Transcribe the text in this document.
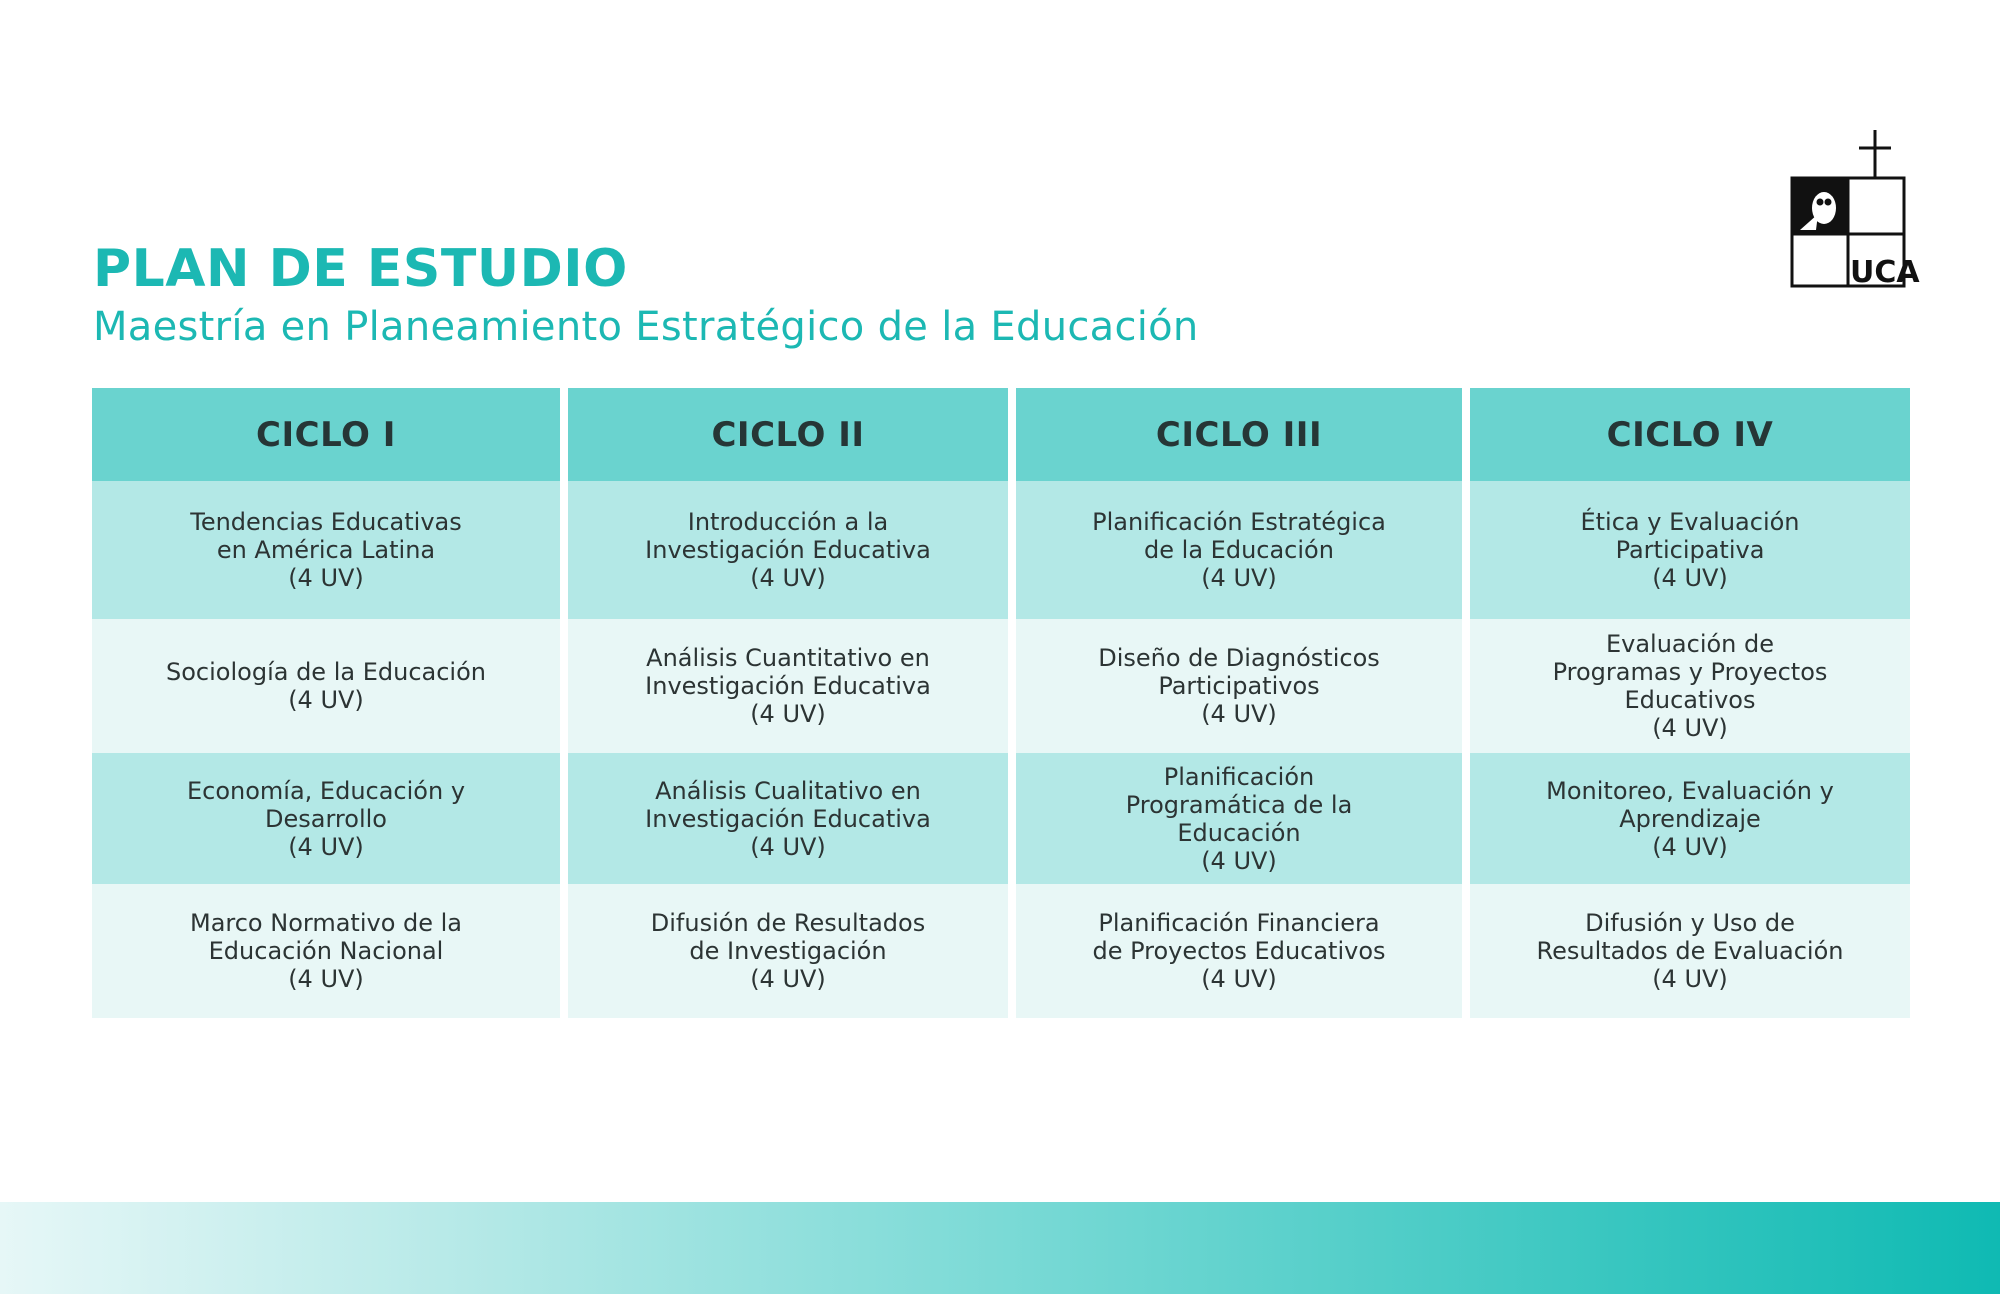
PLAN DE ESTUDIO
Maestría en Planeamiento Estratégico de la Educación
UCA
CICLO I
Tendencias Educativas
en América Latina
(4 UV)
Sociología de la Educación
(4 UV)
Economía, Educación y
Desarrollo
(4 UV)
Marco Normativo de la
Educación Nacional
(4 UV)
CICLO II
Introducción a la
Investigación Educativa
(4 UV)
Análisis Cuantitativo en
Investigación Educativa
(4 UV)
Análisis Cualitativo en
Investigación Educativa
(4 UV)
Difusión de Resultados
de Investigación
(4 UV)
CICLO III
Planificación Estratégica
de la Educación
(4 UV)
Diseño de Diagnósticos
Participativos
(4 UV)
Planificación
Programática de la
Educación
(4 UV)
Planificación Financiera
de Proyectos Educativos
(4 UV)
CICLO IV
Ética y Evaluación
Participativa
(4 UV)
Evaluación de
Programas y Proyectos
Educativos
(4 UV)
Monitoreo, Evaluación y
Aprendizaje
(4 UV)
Difusión y Uso de
Resultados de Evaluación
(4 UV)
